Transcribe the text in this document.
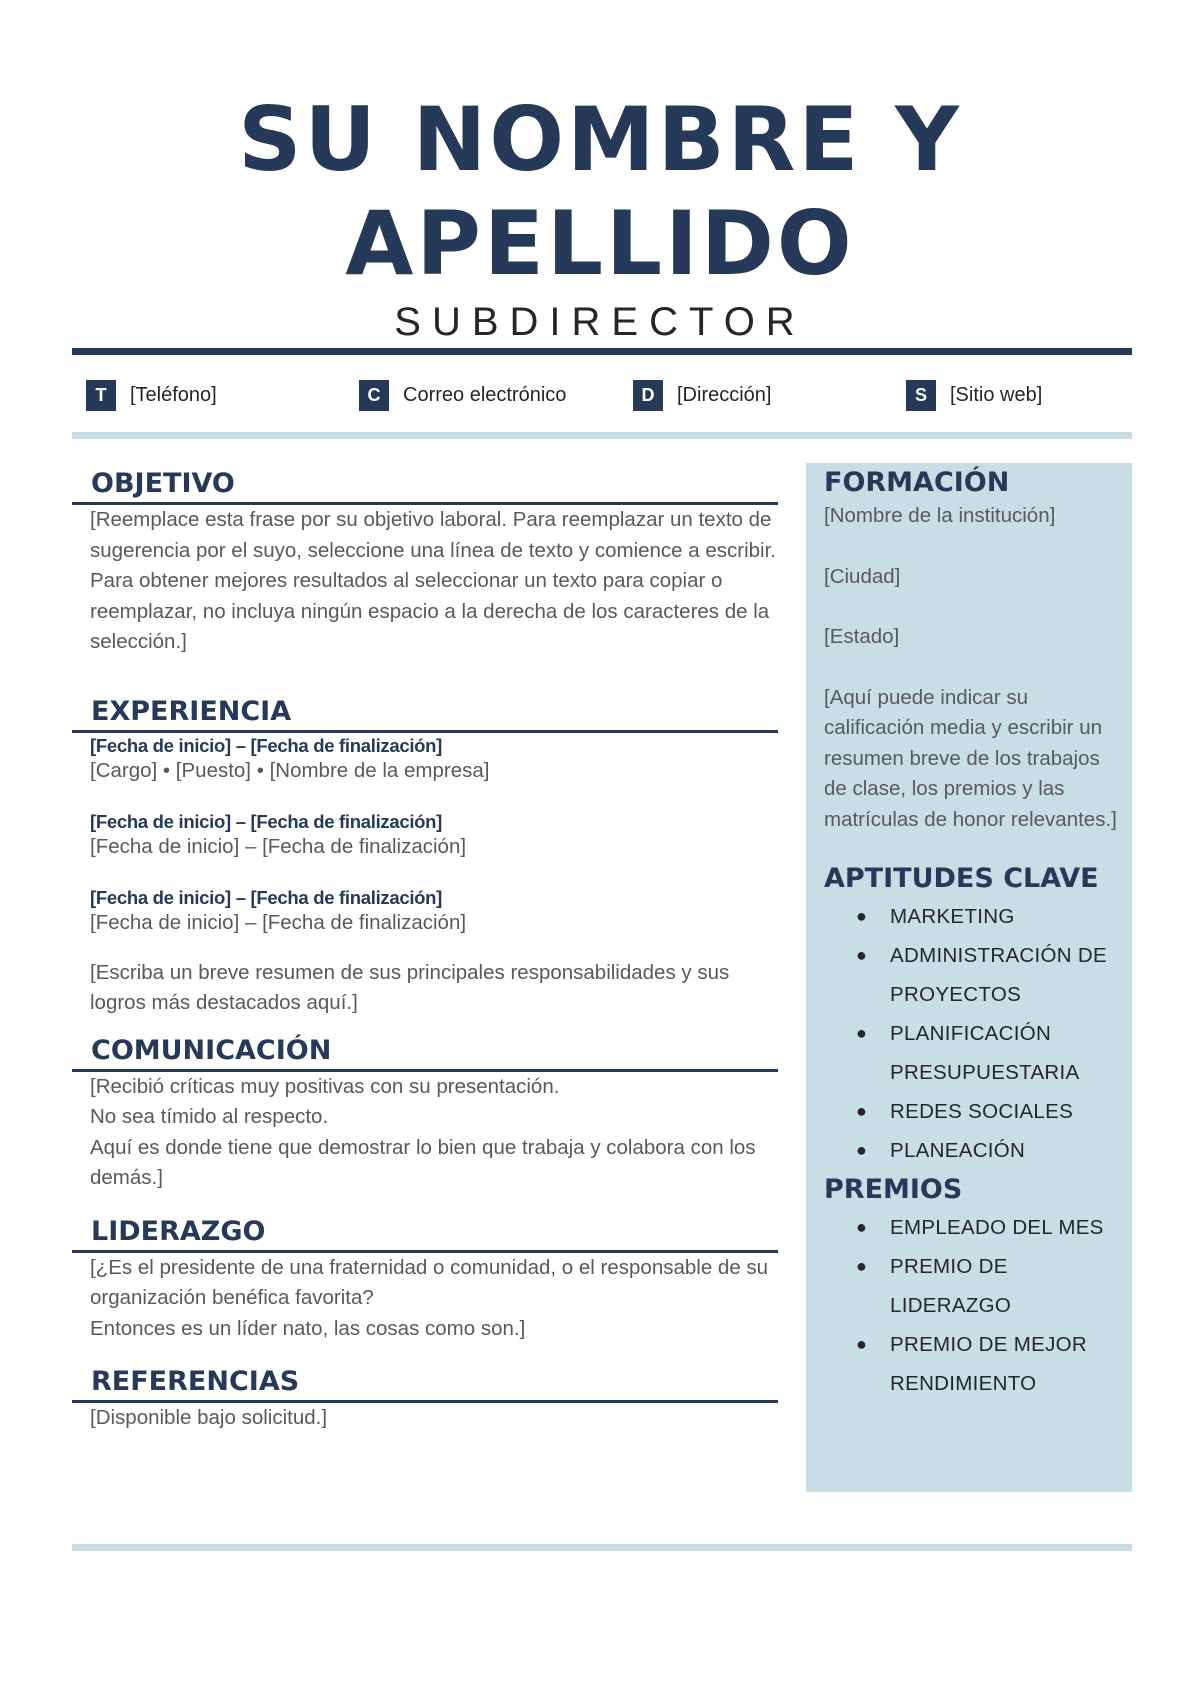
SU NOMBRE Y APELLIDO
SUBDIRECTOR
T	[Teléfono]	C	Correo electrónico	D	[Dirección]	S	[Sitio web]
OBJETIVO

[Reemplace esta frase por su objetivo laboral. Para reemplazar un texto de sugerencia por el suyo, seleccione una línea de texto y comience a escribir. Para obtener mejores resultados al seleccionar un texto para copiar o reemplazar, no incluya ningún espacio a la derecha de los caracteres de la selección.]

EXPERIENCIA

[Fecha de inicio] – [Fecha de finalización]

[Cargo] • [Puesto] • [Nombre de la empresa]

[Fecha de inicio] – [Fecha de finalización]

[Fecha de inicio] – [Fecha de finalización]

[Fecha de inicio] – [Fecha de finalización]

[Fecha de inicio] – [Fecha de finalización]

[Escriba un breve resumen de sus principales responsabilidades y sus logros más destacados aquí.]

COMUNICACIÓN

[Recibió críticas muy positivas con su presentación.

No sea tímido al respecto.

Aquí es donde tiene que demostrar lo bien que trabaja y colabora con los demás.]

LIDERAZGO

[¿Es el presidente de una fraternidad o comunidad, o el responsable de su organización benéfica favorita?

Entonces es un líder nato, las cosas como son.]

REFERENCIAS

[Disponible bajo solicitud.]

FORMACIÓN

[Nombre de la institución]

[Ciudad]

[Estado]

[Aquí puede indicar su calificación media y escribir un resumen breve de los trabajos de clase, los premios y las matrículas de honor relevantes.]

APTITUDES CLAVE
● MARKETING
● ADMINISTRACIÓN DE PROYECTOS
● PLANIFICACIÓN PRESUPUESTARIA
● REDES SOCIALES
● PLANEACIÓN
PREMIOS
● EMPLEADO DEL MES
● PREMIO DE LIDERAZGO
● PREMIO DE MEJOR RENDIMIENTO
